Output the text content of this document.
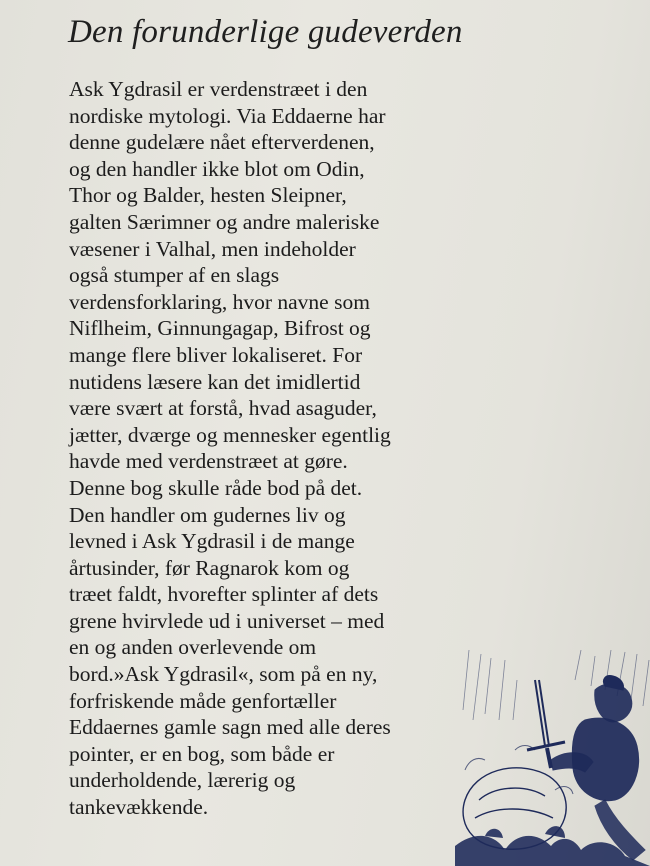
Den forunderlige gudeverden
Ask Ygdrasil er verdenstræet i den
nordiske mytologi. Via Eddaerne har
denne gudelære nået efterverdenen,
og den handler ikke blot om Odin,
Thor og Balder, hesten Sleipner,
galten Særimner og andre maleriske
væsener i Valhal, men indeholder
også stumper af en slags
verdensforklaring, hvor navne som
Niflheim, Ginnungagap, Bifrost og
mange flere bliver lokaliseret. For
nutidens læsere kan det imidlertid
være svært at forstå, hvad asaguder,
jætter, dværge og mennesker egentlig
havde med verdenstræet at gøre.
Denne bog skulle råde bod på det.
Den handler om gudernes liv og
levned i Ask Ygdrasil i de mange
årtusinder, før Ragnarok kom og
træet faldt, hvorefter splinter af dets
grene hvirvlede ud i universet – med
en og anden overlevende om
bord.»Ask Ygdrasil«, som på en ny,
forfriskende måde genfortæller
Eddaernes gamle sagn med alle deres
pointer, er en bog, som både er
underholdende, lærerig og
tankevækkende.
